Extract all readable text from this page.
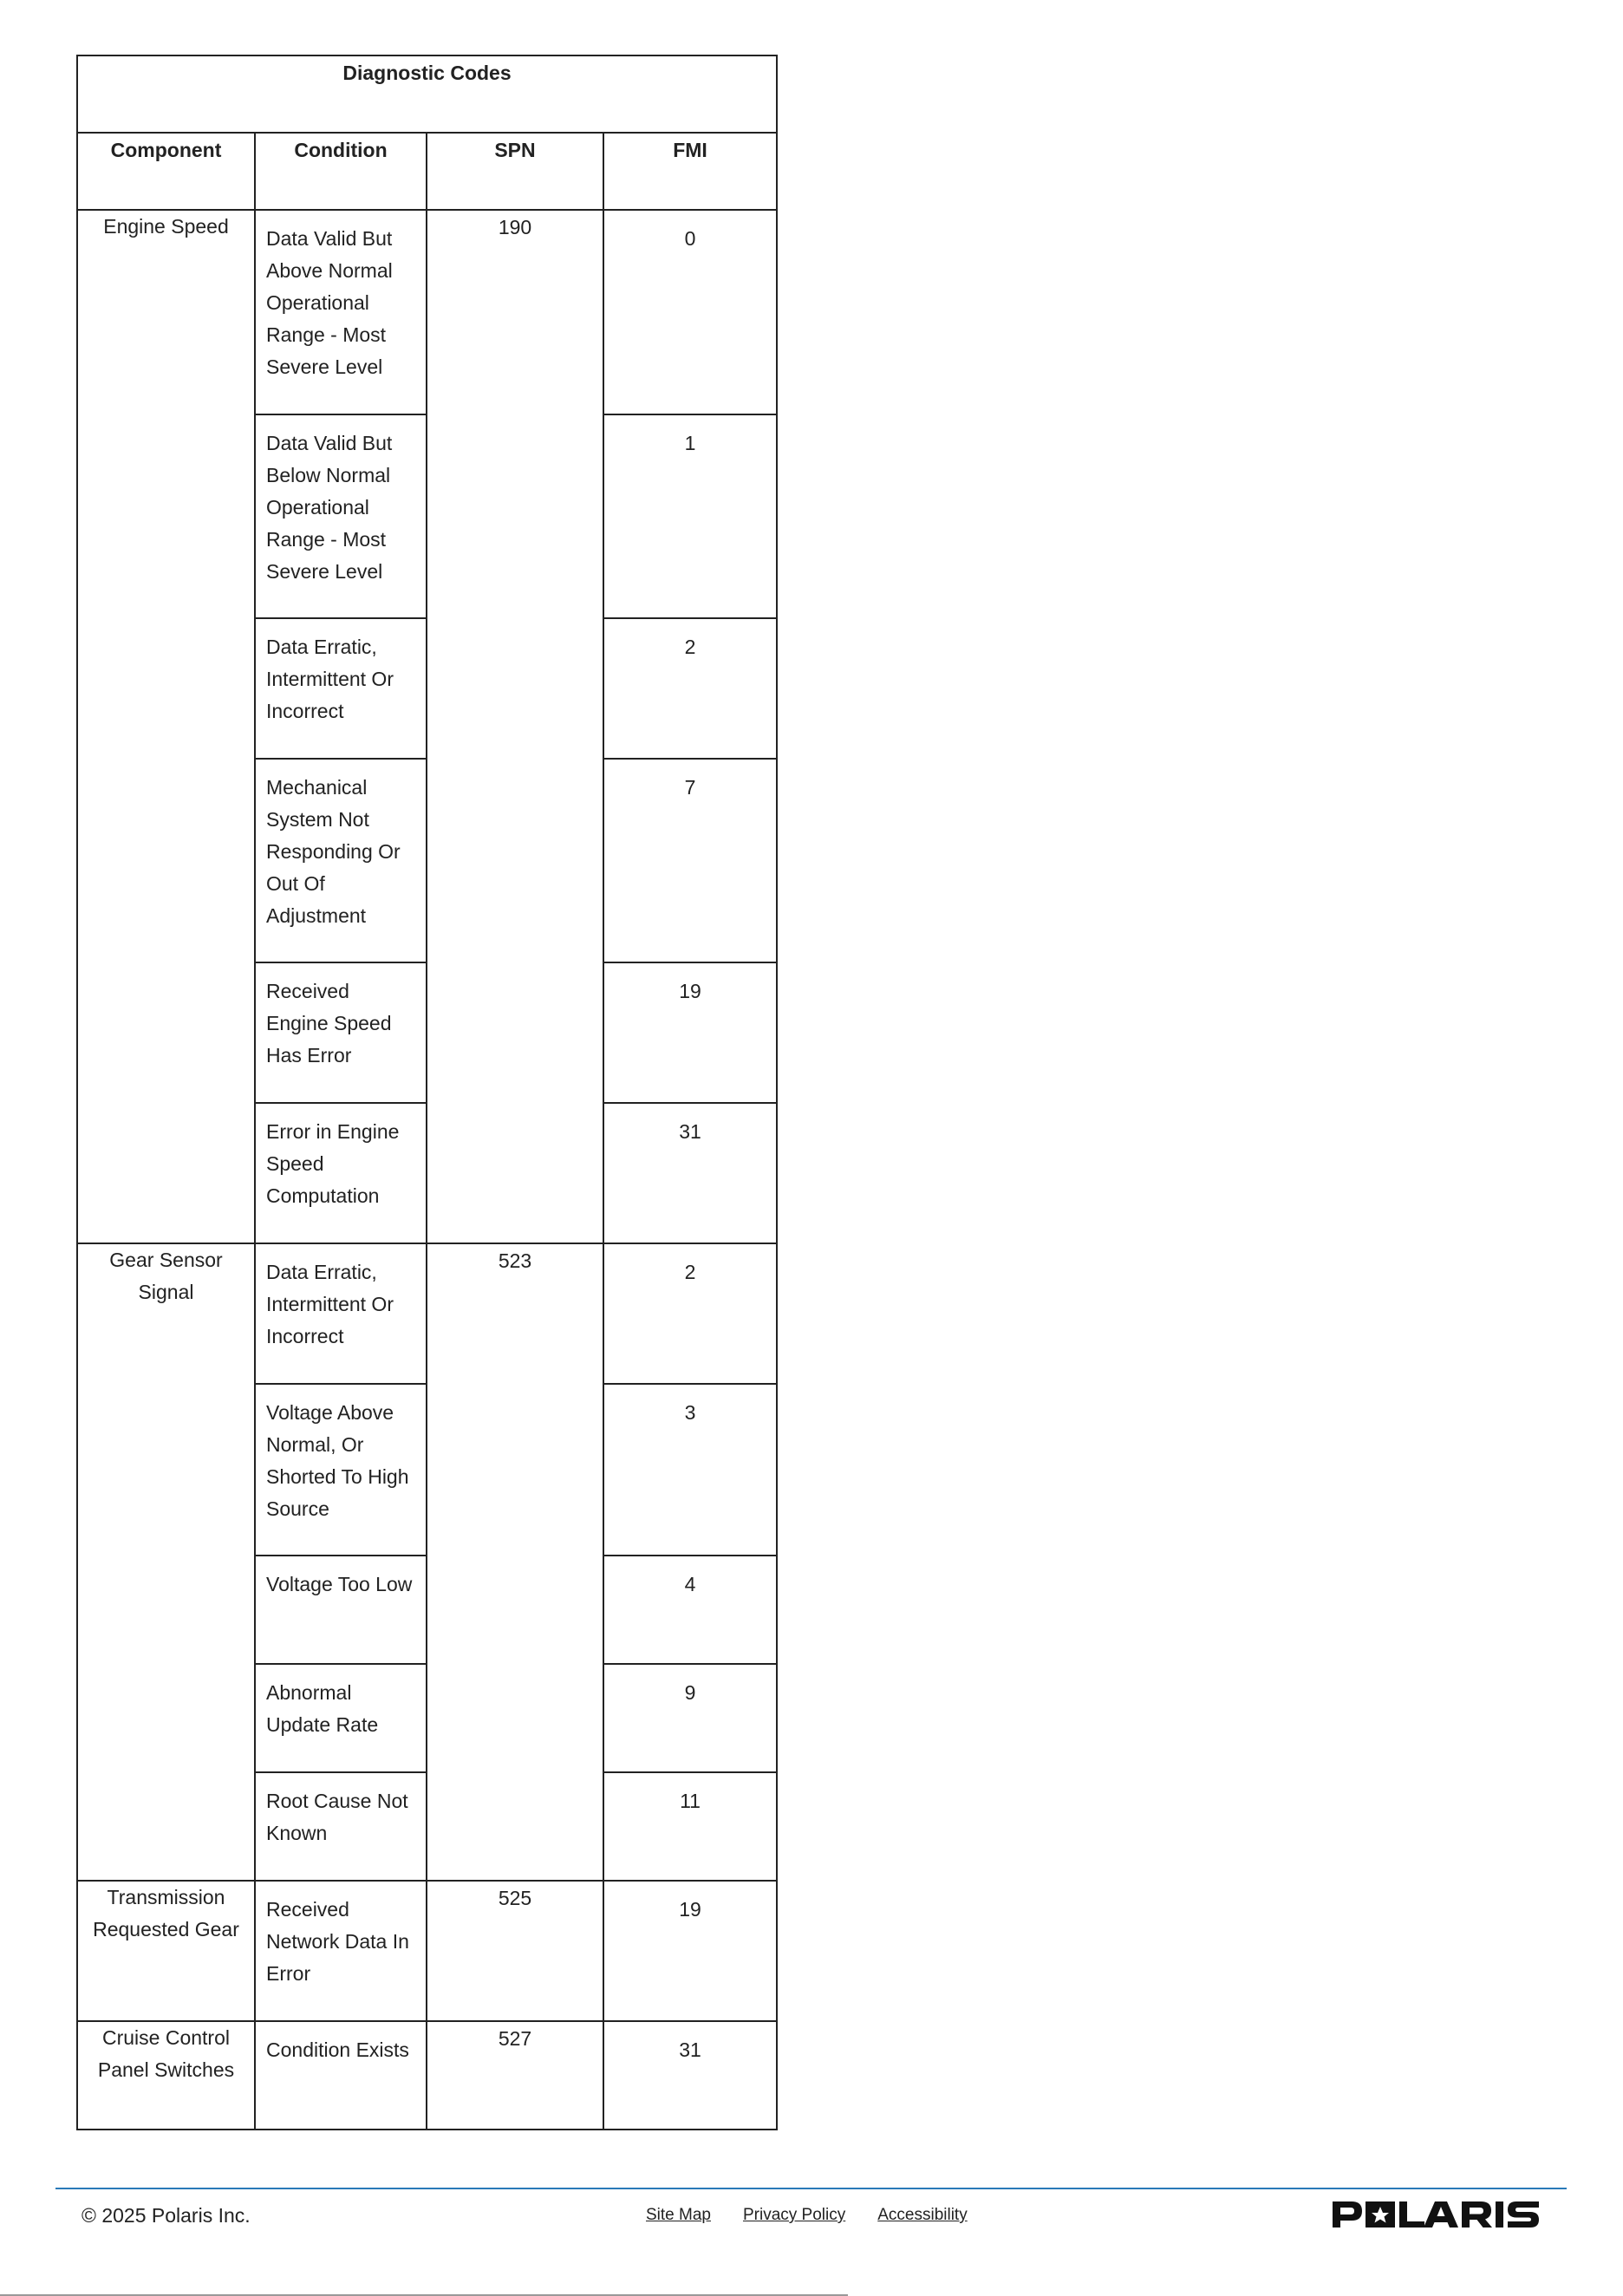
Diagnostic Codes			
Component	Condition	SPN	FMI
Engine Speed	Data Valid But Above Normal Operational Range - Most Severe Level	190	0
	Data Valid But Below Normal Operational Range - Most Severe Level		1
	Data Erratic, Intermittent Or Incorrect		2
	Mechanical System Not Responding Or Out Of Adjustment		7
	Received Engine Speed Has Error		19
	Error in Engine Speed Computation		31
Gear Sensor Signal	Data Erratic, Intermittent Or Incorrect	523	2
	Voltage Above Normal, Or Shorted To High Source		3
	Voltage Too Low		4
	Abnormal Update Rate		9
	Root Cause Not Known		11
Transmission Requested Gear	Received Network Data In Error	525	19
Cruise Control Panel Switches	Condition Exists	527	31
© 2025 Polaris Inc.	Site Map Privacy Policy Accessibility
